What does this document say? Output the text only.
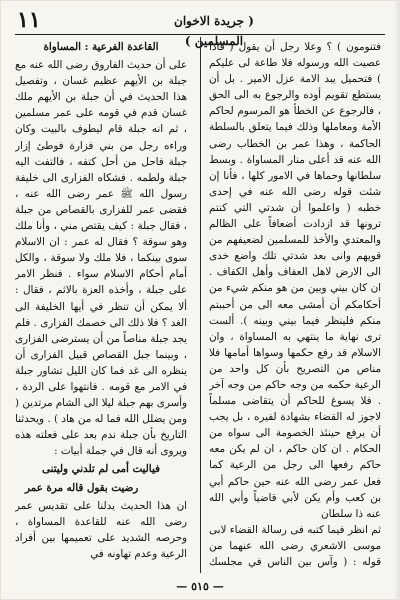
١١	( جريدة الاخوان المسلمين )
فتنومون ) ؟ وعلا رجل أن يقول ( فاذا عصيت الله ورسوله فلا طاعة لى عليكم ) فتحميل يبد الامة عزل الامير . بل أن يستطع تقويم أوده والرجوع به الى الحق ، فالرجوع عن الخطأ هو المرسوم لحاكم الأمة ومعاملها وذلك فيما يتعلق بالسلطة الحاكمة ، وهذا عمر بن الخطاب رضى الله عنه قد أعلى منار المساواة . وبسط سلطانها وحماها في الامور كلها ، فأنا إن شئت قوله رضى الله عنه في إحدى خطبه ( واعلموا أن شدتي التي كنتم ترونها قد ازدادت أضعافاً على الظالم والمعتدي والأخذ للمسلمين لضعيفهم من قويهم وانى بعد شدتي تلك واضع خدى الى الارض لاهل العفاف وأهل الكفاف . ان كان بيني وبين من هو منكم شيء من أحكامكم أن أمشى معه الى من أحببتم منكم فلينظر فيما بيني وبينه ). ألست ترى نهاية ما ينتهي به المساواة ، وان الاسلام قد رفع حكمها وسواها أمامها فلا مناص من التصريح بأن كل واحد من الرعية حكمه من وجه حاكم من وجه آخر . فلا يسوغ للحاكم أن يتقاضى مسلماً لاجوز له القضاء بشهادة لفيره ، بل يجب أن يرفع حينئذ الخصومة الى سواه من الحكام . ان كان حاكم ، ان لم يكن معه حاكم رفعها الى رجل من الرعية كما فعل عمر رضى الله عنه حين حاكم أبي بن كعب وأم يكن لأبي قاضياً وأبي الله عنه ذا سلطان
ثم انظر فيما كتبه فى رسالة القضاء لابى موسى الاشعري رضى الله عنهما من قوله : ( وآس بين الناس في مجلسك
القاعدة الفرعية : المساواة
على أن حديث الفاروق رضى الله عنه مع جبلة بن الأيهم عظيم غسان ، وتفصيل هذا الحديث في أن جبلة بن الأيهم ملك غسان قدم في قومه على عمر مسلمين ، ثم انه جبلة قام ليطوف بالبيت وكان وراءه رجل من بني فزارة فوطئ إزار جبلة فاحل من أحل كتفه ، فالتفت اليه جبلة ولطمه . فشكاه الفزارى الى خليفة رسول الله ﷺ عمر رضى الله عنه ، فقضى عمر للفزارى بالقصاص من جبلة ، فقال جبلة : كيف يقتص مني ، وأنا ملك وهو سوقة ؟ فقال له عمر : ان الاسلام سوى بينكما ، فلا ملك ولا سوقة ، والكل أمام أحكام الاسلام سواء . فنظر الامر على جبلة ، وأخذه العزة بالاثم ، فقال : ألا يمكن أن تنظر في أيها الخليفة الى الغد ؟ فلا ذلك الى خصمك الفزارى . فلم يجد جبلة مناصاً من أن يسترضى الفزارى ، وبينما جبل القصاص قبيل الفزارى أن ينظره الى غد فما كان الليل تشاور جبلة في الامر مع قومه . فانتهوا على الردة ، وأسرى بهم جبلة ليلا الى الشام مرتدين ( ومن يضلل الله فما له من هاد ) . ويحدثنا التاريخ بأن جبلة ندم بعد على فعلته هذه ويروى أنه قال في جملة أبيات :
فياليت أمى لم تلدني وليتنى
رضيت بقول قاله مرة عمر
ان هذا الحديث يدلنا على تقديس عمر رضى الله عنه للقاعدة المساواة ، وحرصه الشديد على تعميمها بين أفراد الرعية وعدم تهاونه في
— ٥١٥ —
